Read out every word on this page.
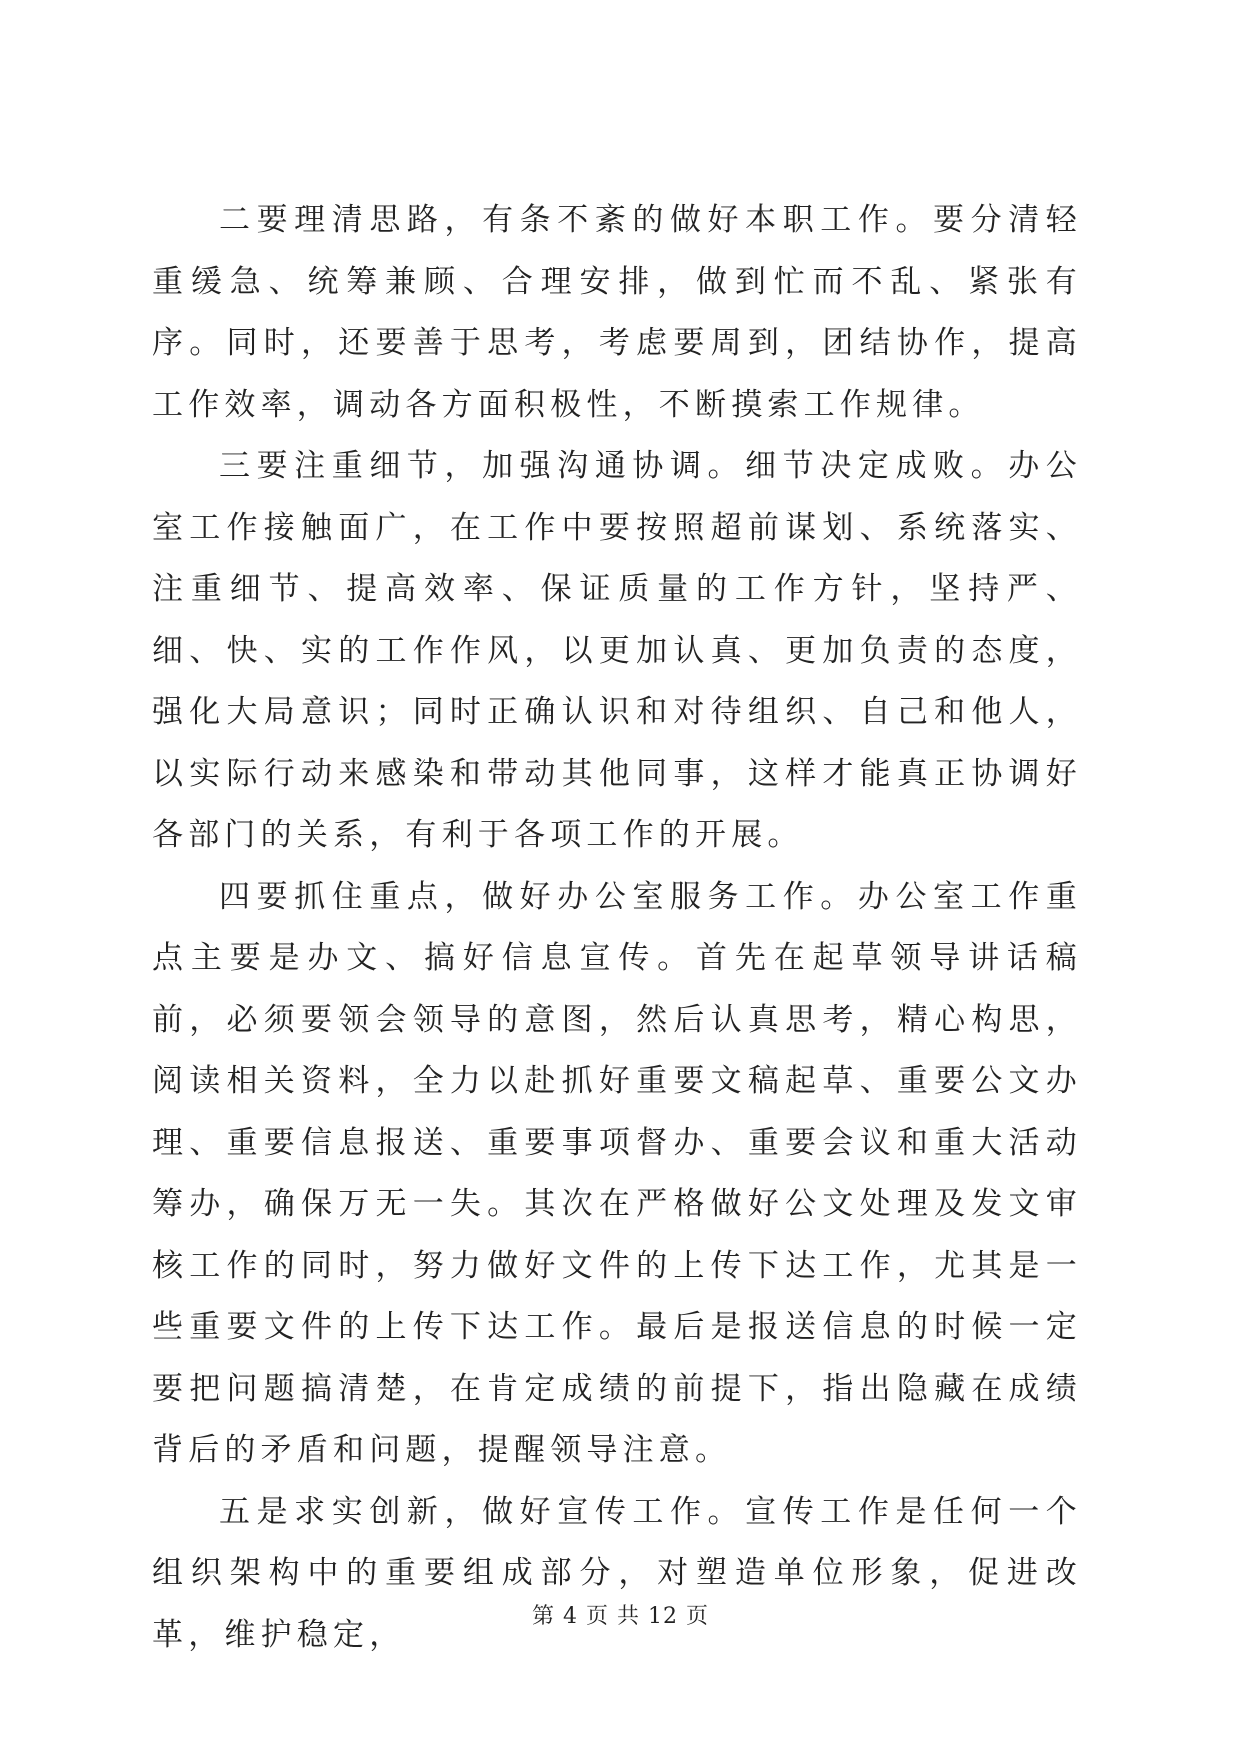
二要理清思路，有条不紊的做好本职工作。要分清轻重缓急、统筹兼顾、合理安排，做到忙而不乱、紧张有序。同时，还要善于思考，考虑要周到，团结协作，提高工作效率，调动各方面积极性，不断摸索工作规律。

三要注重细节，加强沟通协调。细节决定成败。办公室工作接触面广，在工作中要按照超前谋划、系统落实、注重细节、提高效率、保证质量的工作方针，坚持严、细、快、实的工作作风，以更加认真、更加负责的态度，强化大局意识；同时正确认识和对待组织、自己和他人，以实际行动来感染和带动其他同事，这样才能真正协调好各部门的关系，有利于各项工作的开展。

四要抓住重点，做好办公室服务工作。办公室工作重点主要是办文、搞好信息宣传。首先在起草领导讲话稿前，必须要领会领导的意图，然后认真思考，精心构思，阅读相关资料，全力以赴抓好重要文稿起草、重要公文办理、重要信息报送、重要事项督办、重要会议和重大活动筹办，确保万无一失。其次在严格做好公文处理及发文审核工作的同时，努力做好文件的上传下达工作，尤其是一些重要文件的上传下达工作。最后是报送信息的时候一定要把问题搞清楚，在肯定成绩的前提下，指出隐藏在成绩背后的矛盾和问题，提醒领导注意。

五是求实创新，做好宣传工作。宣传工作是任何一个组织架构中的重要组成部分，对塑造单位形象，促进改革，维护稳定，	第 4 页 共 12 页
